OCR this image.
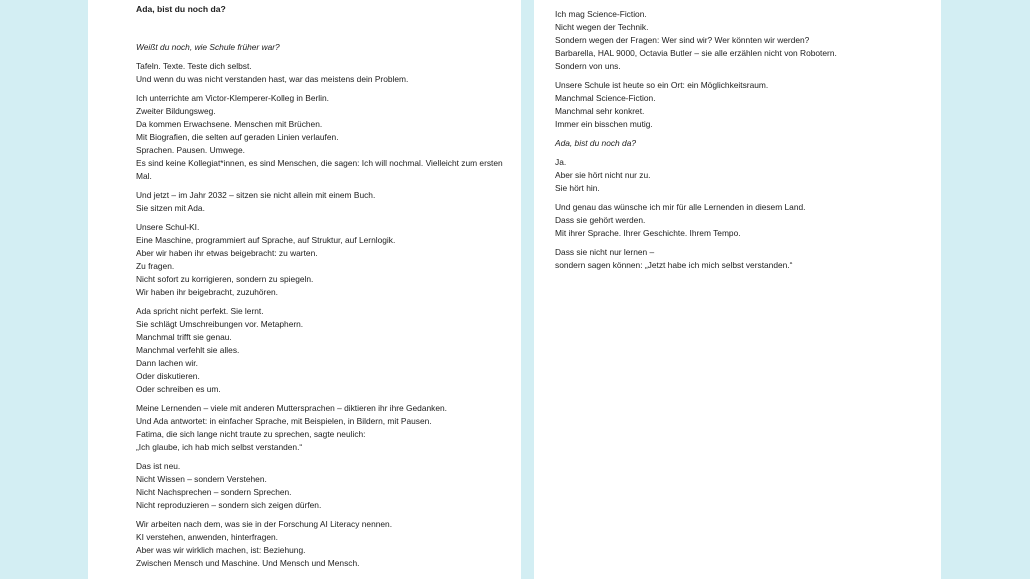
Ada, bist du noch da?
Weißt du noch, wie Schule früher war?
Tafeln. Texte. Teste dich selbst.
Und wenn du was nicht verstanden hast, war das meistens dein Problem.
Ich unterrichte am Victor-Klemperer-Kolleg in Berlin.
Zweiter Bildungsweg.
Da kommen Erwachsene. Menschen mit Brüchen.
Mit Biografien, die selten auf geraden Linien verlaufen.
Sprachen. Pausen. Umwege.
Es sind keine Kollegiat*innen, es sind Menschen, die sagen: Ich will nochmal. Vielleicht zum ersten Mal.
Und jetzt – im Jahr 2032 – sitzen sie nicht allein mit einem Buch.
Sie sitzen mit Ada.
Unsere Schul-KI.
Eine Maschine, programmiert auf Sprache, auf Struktur, auf Lernlogik.
Aber wir haben ihr etwas beigebracht: zu warten.
Zu fragen.
Nicht sofort zu korrigieren, sondern zu spiegeln.
Wir haben ihr beigebracht, zuzuhören.
Ada spricht nicht perfekt. Sie lernt.
Sie schlägt Umschreibungen vor. Metaphern.
Manchmal trifft sie genau.
Manchmal verfehlt sie alles.
Dann lachen wir.
Oder diskutieren.
Oder schreiben es um.
Meine Lernenden – viele mit anderen Muttersprachen – diktieren ihr ihre Gedanken.
Und Ada antwortet: in einfacher Sprache, mit Beispielen, in Bildern, mit Pausen.
Fatima, die sich lange nicht traute zu sprechen, sagte neulich:
„Ich glaube, ich hab mich selbst verstanden.“
Das ist neu.
Nicht Wissen – sondern Verstehen.
Nicht Nachsprechen – sondern Sprechen.
Nicht reproduzieren – sondern sich zeigen dürfen.
Wir arbeiten nach dem, was sie in der Forschung AI Literacy nennen.
KI verstehen, anwenden, hinterfragen.
Aber was wir wirklich machen, ist: Beziehung.
Zwischen Mensch und Maschine. Und Mensch und Mensch.
Ich mag Science-Fiction.
Nicht wegen der Technik.
Sondern wegen der Fragen: Wer sind wir? Wer könnten wir werden?
Barbarella, HAL 9000, Octavia Butler – sie alle erzählen nicht von Robotern.
Sondern von uns.
Unsere Schule ist heute so ein Ort: ein Möglichkeitsraum.
Manchmal Science-Fiction.
Manchmal sehr konkret.
Immer ein bisschen mutig.
Ada, bist du noch da?
Ja.
Aber sie hört nicht nur zu.
Sie hört hin.
Und genau das wünsche ich mir für alle Lernenden in diesem Land.
Dass sie gehört werden.
Mit ihrer Sprache. Ihrer Geschichte. Ihrem Tempo.
Dass sie nicht nur lernen –
sondern sagen können: „Jetzt habe ich mich selbst verstanden.“
